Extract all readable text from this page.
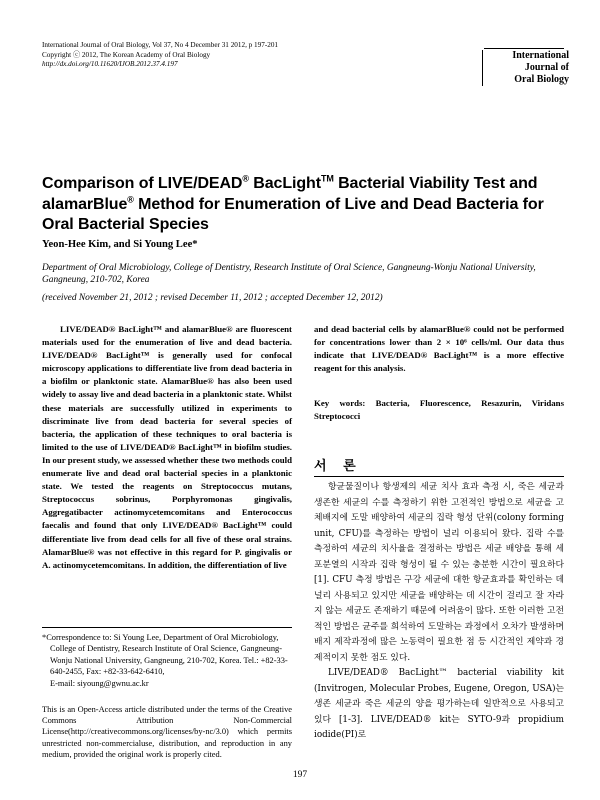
International Journal of Oral Biology, Vol 37, No 4 December 31 2012, p 197-201
Copyright ⓒ 2012, The Korean Academy of Oral Biology
http://dx.doi.org/10.11620/IJOB.2012.37.4.197
International
Journal of
Oral Biology
Comparison of LIVE/DEAD® BacLight™ Bacterial Viability Test and alamarBlue® Method for Enumeration of Live and Dead Bacteria for Oral Bacterial Species
Yeon-Hee Kim, and Si Young Lee*
Department of Oral Microbiology, College of Dentistry, Research Institute of Oral Science, Gangneung-Wonju National University, Gangneung, 210-702, Korea
(received November 21, 2012 ; revised December 11, 2012 ; accepted December 12, 2012)
LIVE/DEAD® BacLight™ and alamarBlue® are fluorescent materials used for the enumeration of live and dead bacteria. LIVE/DEAD® BacLight™ is generally used for confocal microscopy applications to differentiate live from dead bacteria in a biofilm or planktonic state. AlamarBlue® has also been used widely to assay live and dead bacteria in a planktonic state. Whilst these materials are successfully utilized in experiments to discriminate live from dead bacteria for several species of bacteria, the application of these techniques to oral bacteria is limited to the use of LIVE/DEAD® BacLight™ in biofilm studies. In our present study, we assessed whether these two methods could enumerate live and dead oral bacterial species in a planktonic state. We tested the reagents on Streptococcus mutans, Streptococcus sobrinus, Porphyromonas gingivalis, Aggregatibacter actinomycetemcomitans and Enterococcus faecalis and found that only LIVE/DEAD® BacLight™ could differentiate live from dead cells for all five of these oral strains. AlamarBlue® was not effective in this regard for P. gingivalis or A. actinomycetemcomitans. In addition, the differentiation of live
and dead bacterial cells by alamarBlue® could not be performed for concentrations lower than 2 × 10⁶ cells/ml. Our data thus indicate that LIVE/DEAD® BacLight™ is a more effective reagent for this analysis.
Key words: Bacteria, Fluorescence, Resazurin, Viridans Streptococci
서 론

항균물질이나 항생제의 세균 치사 효과 측정 시, 죽은 세균과 생존한 세균의 수를 측정하기 위한 고전적인 방법으로 세균을 고체배지에 도말 배양하여 세균의 집락 형성 단위(colony forming unit, CFU)를 측정하는 방법이 널리 이용되어 왔다. 집락 수를 측정하여 세균의 치사율을 결정하는 방법은 세균 배양을 통해 세포분열의 시작과 집락 형성이 될 수 있는 충분한 시간이 필요하다[1]. CFU 측정 방법은 구강 세균에 대한 항균효과를 확인하는 데 널리 사용되고 있지만 세균을 배양하는 데 시간이 걸리고 잘 자라지 않는 세균도 존재하기 때문에 어려움이 많다. 또한 이러한 고전적인 방법은 균주를 희석하여 도말하는 과정에서 오차가 발생하며 배지 제작과정에 많은 노동력이 필요한 점 등 시간적인 제약과 경제적이지 못한 점도 있다.

LIVE/DEAD® BacLight™ bacterial viability kit (Invitrogen, Molecular Probes, Eugene, Oregon, USA)는 생존 세균과 죽은 세균의 양을 평가하는데 일반적으로 사용되고 있다 [1-3]. LIVE/DEAD® kit는 SYTO-9과 propidium iodide(PI)로

*Correspondence to: Si Young Lee, Department of Oral Microbiology, College of Dentistry, Research Institute of Oral Science, Gangneung-Wonju National University, Gangneung, 210-702, Korea. Tel.: +82-33-640-2455, Fax: +82-33-642-6410,

E-mail: siyoung@gwnu.ac.kr

This is an Open-Access article distributed under the terms of the Creative Commons Attribution Non-Commercial License(http://creativecommons.org/licenses/by-nc/3.0) which permits unrestricted non-commercialuse, distribution, and reproduction in any medium, provided the original work is properly cited.
197
